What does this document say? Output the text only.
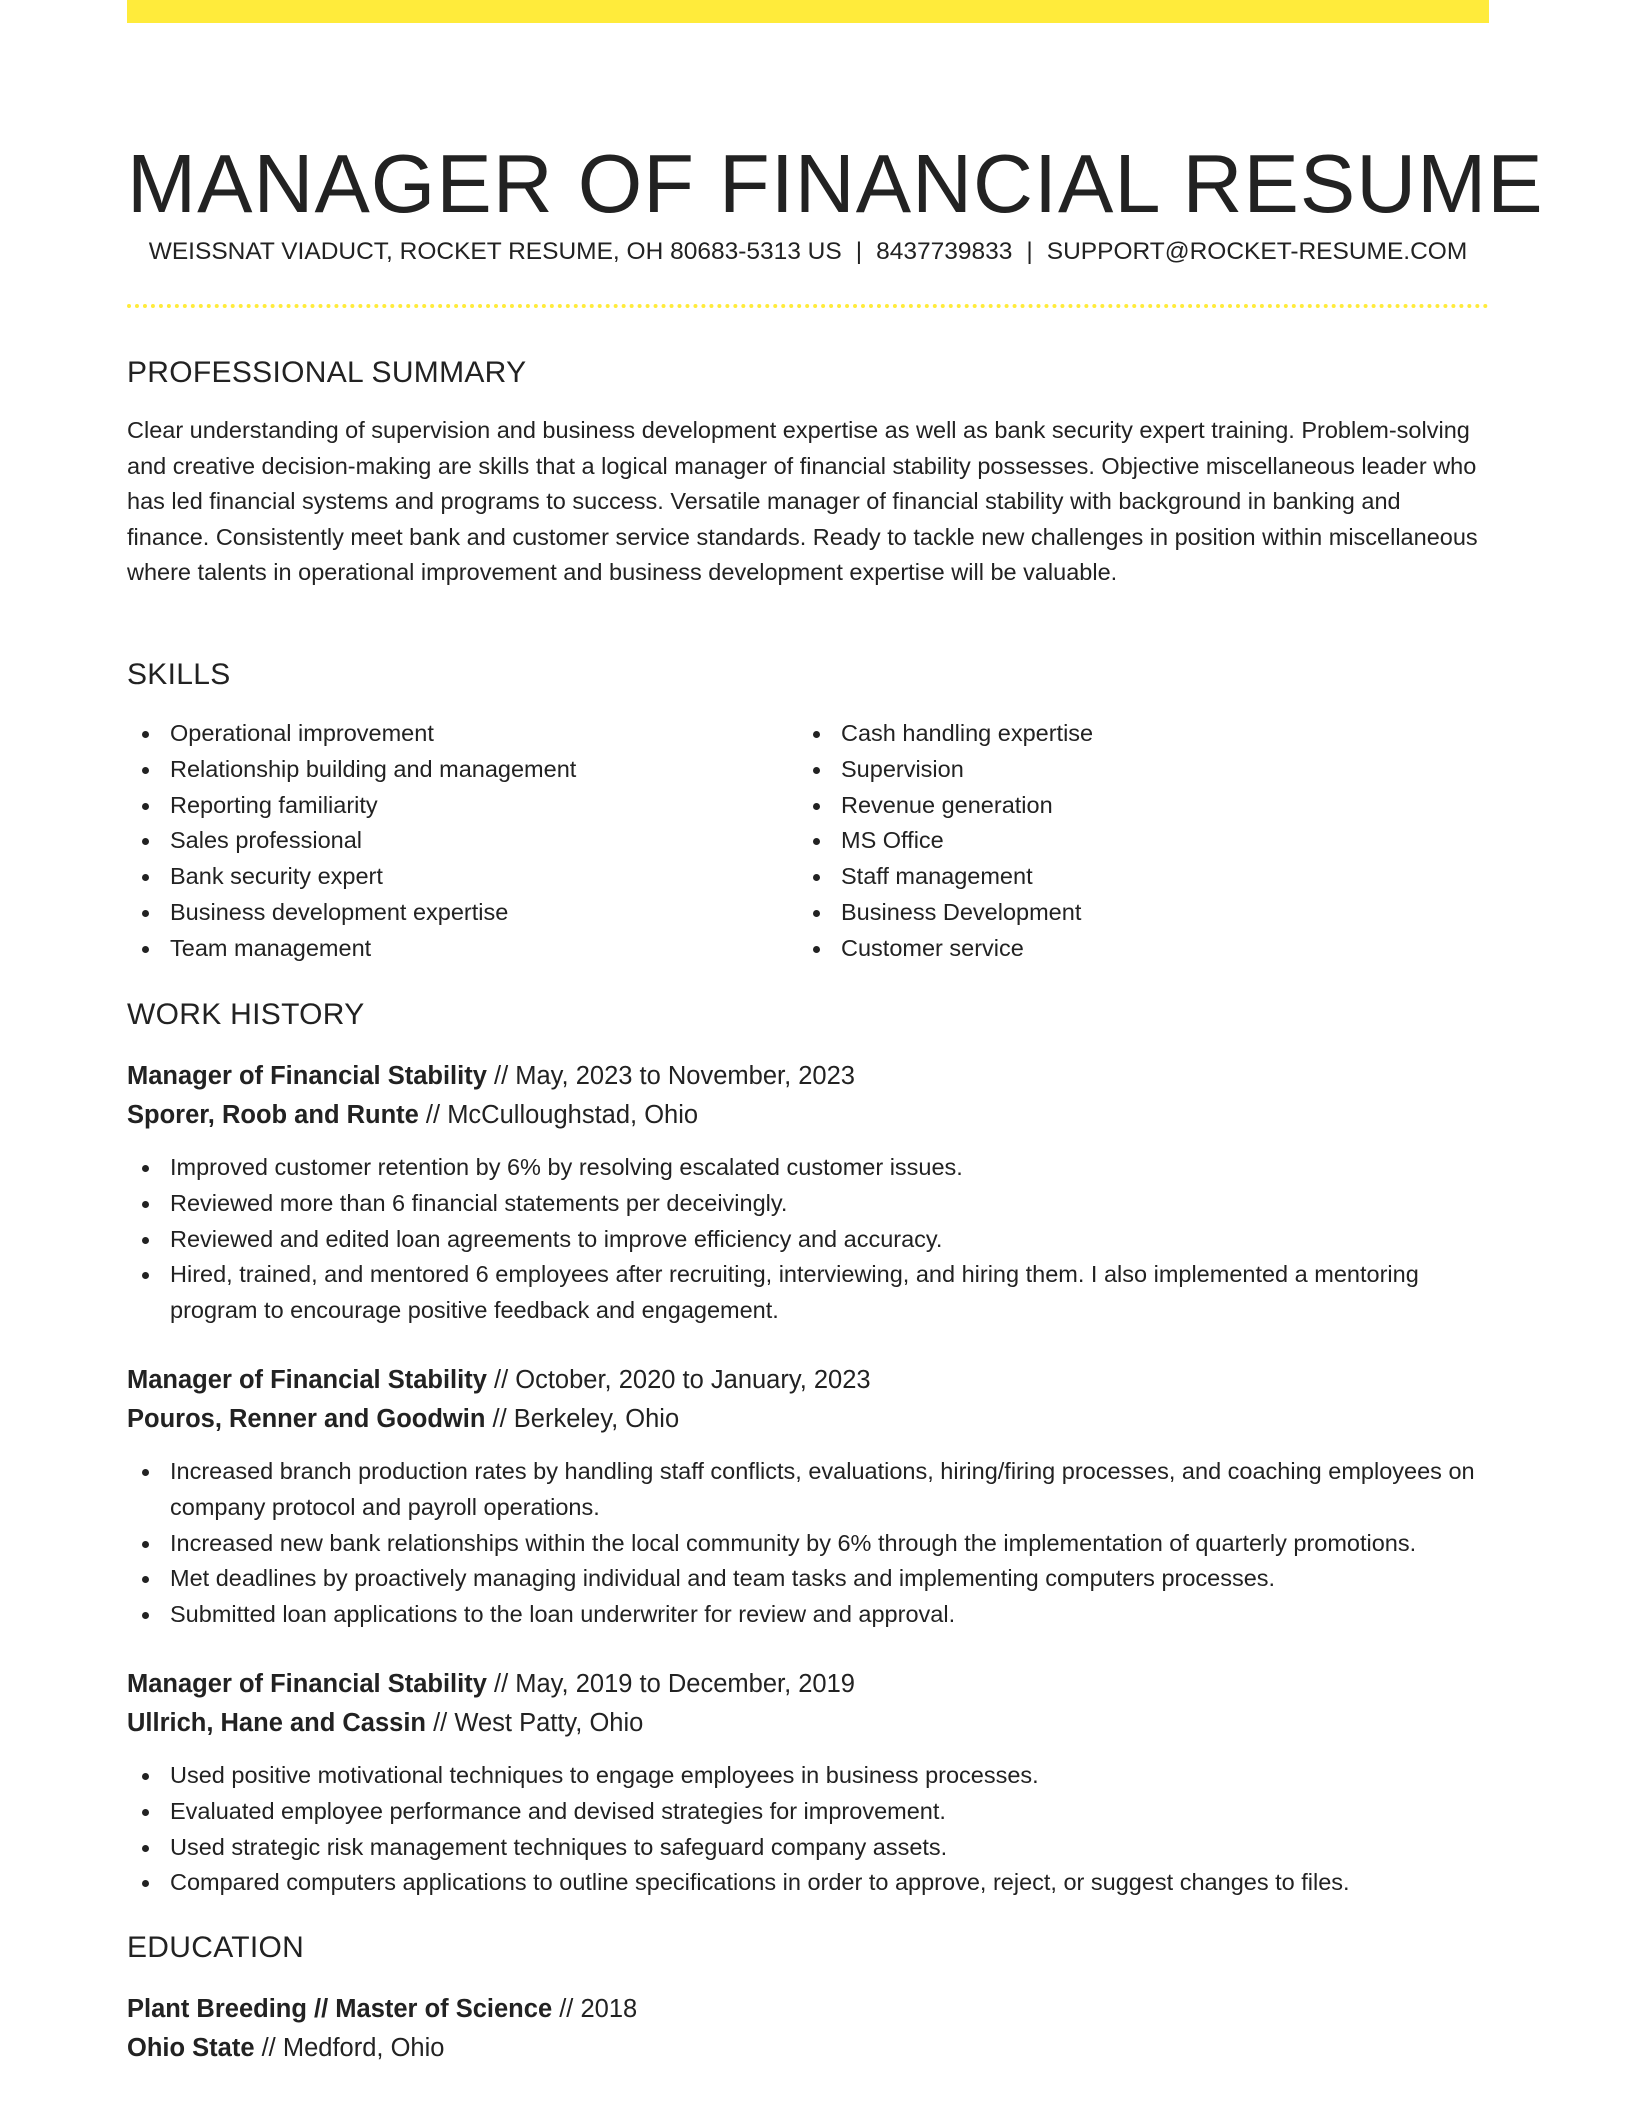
MANAGER OF FINANCIAL RESUME
WEISSNAT VIADUCT, ROCKET RESUME, OH 80683-5313 US | 8437739833 | SUPPORT@ROCKET-RESUME.COM
PROFESSIONAL SUMMARY

Clear understanding of supervision and business development expertise as well as bank security expert training. Problem-solving and creative decision-making are skills that a logical manager of financial stability possesses. Objective miscellaneous leader who has led financial systems and programs to success. Versatile manager of financial stability with background in banking and finance. Consistently meet bank and customer service standards. Ready to tackle new challenges in position within miscellaneous where talents in operational improvement and business development expertise will be valuable.

SKILLS
Operational improvement
Relationship building and management
Reporting familiarity
Sales professional
Bank security expert
Business development expertise
Team management
Cash handling expertise
Supervision
Revenue generation
MS Office
Staff management
Business Development
Customer service
WORK HISTORY
Manager of Financial Stability // May, 2023 to November, 2023
Sporer, Roob and Runte // McCulloughstad, Ohio
Improved customer retention by 6% by resolving escalated customer issues.
Reviewed more than 6 financial statements per deceivingly.
Reviewed and edited loan agreements to improve efficiency and accuracy.
Hired, trained, and mentored 6 employees after recruiting, interviewing, and hiring them. I also implemented a mentoring program to encourage positive feedback and engagement.
Manager of Financial Stability // October, 2020 to January, 2023
Pouros, Renner and Goodwin // Berkeley, Ohio
Increased branch production rates by handling staff conflicts, evaluations, hiring/firing processes, and coaching employees on company protocol and payroll operations.
Increased new bank relationships within the local community by 6% through the implementation of quarterly promotions.
Met deadlines by proactively managing individual and team tasks and implementing computers processes.
Submitted loan applications to the loan underwriter for review and approval.
Manager of Financial Stability // May, 2019 to December, 2019
Ullrich, Hane and Cassin // West Patty, Ohio
Used positive motivational techniques to engage employees in business processes.
Evaluated employee performance and devised strategies for improvement.
Used strategic risk management techniques to safeguard company assets.
Compared computers applications to outline specifications in order to approve, reject, or suggest changes to files.
EDUCATION
Plant Breeding // Master of Science // 2018
Ohio State // Medford, Ohio
